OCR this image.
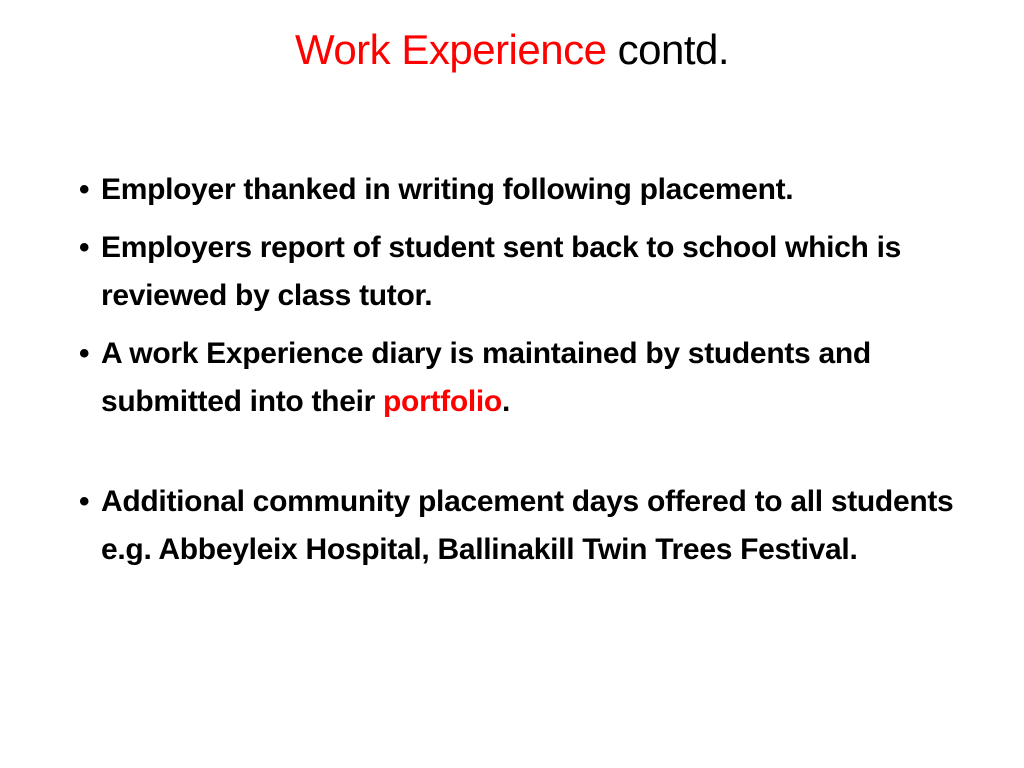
Work Experience contd.
• Employer thanked in writing following placement.
• Employers report of student sent back to school which is reviewed by class tutor.
• A work Experience diary is maintained by students and submitted into their portfolio.
• Additional community placement days offered to all students e.g. Abbeyleix Hospital, Ballinakill Twin Trees Festival.
